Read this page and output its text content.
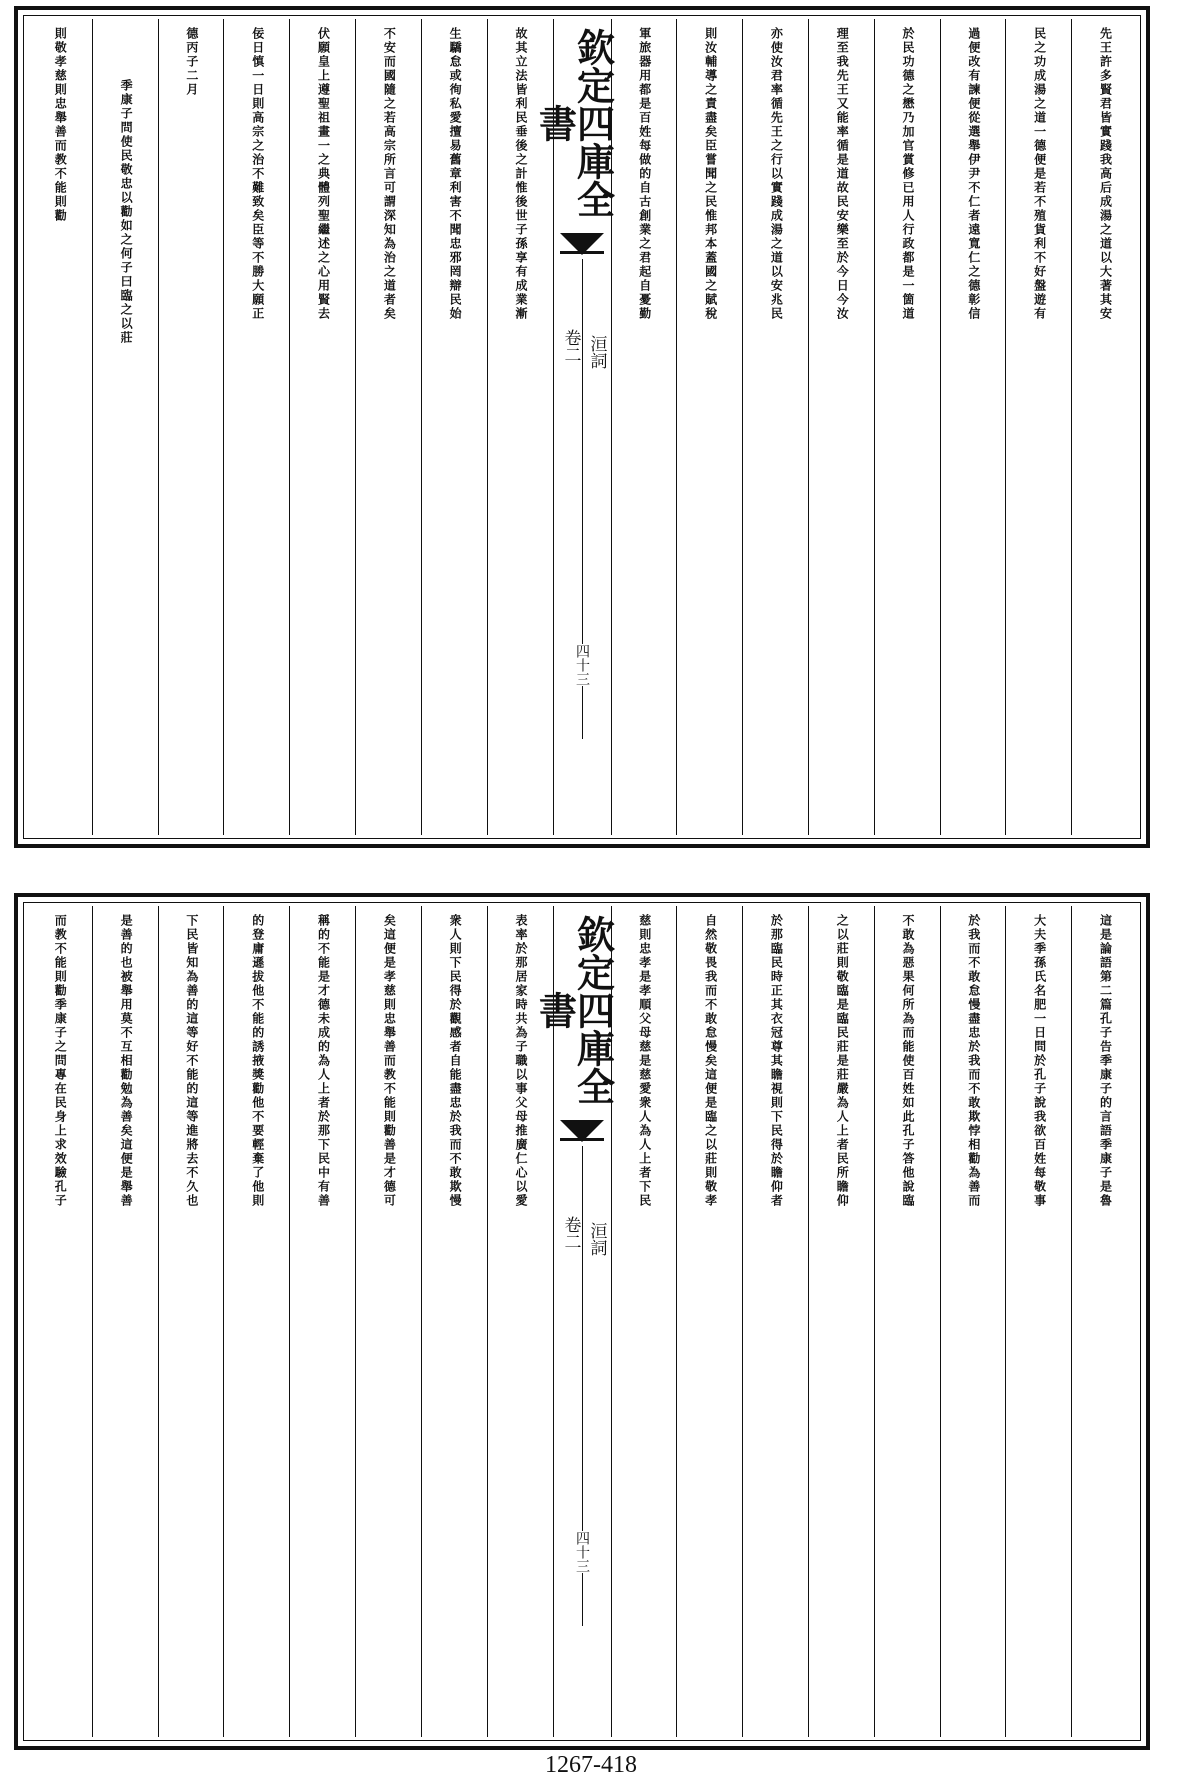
先王許多賢君皆實踐我高后成湯之道以大著其安
民之功成湯之道一德便是若不殖貨利不好盤遊有
過便改有諫便從選舉伊尹不仁者遠寬仁之德彰信
於民功德之懋乃加官賞修已用人行政都是一箇道
理至我先王又能率循是道故民安樂至於今日今汝
亦使汝君率循先王之行以實踐成湯之道以安兆民
則汝輔導之責盡矣臣嘗聞之民惟邦本蓋國之賦稅
軍旅器用都是百姓每做的自古創業之君起自憂勤
欽定四庫全書
洹詞
卷二
四十三
故其立法皆利民垂後之計惟後世子孫享有成業漸
生驕怠或徇私愛擅易舊章利害不聞忠邪罔辯民始
不安而國隨之若高宗所言可謂深知為治之道者矣
伏願皇上遵聖祖畫一之典體列聖繼述之心用賢去
佞日慎一日則高宗之治不難致矣臣等不勝大願正
德丙子二月
季康子問使民敬忠以勸如之何子曰臨之以莊
則敬孝慈則忠舉善而教不能則勸
這是論語第二篇孔子告季康子的言語季康子是魯
大夫季孫氏名肥一日問於孔子說我欲百姓每敬事
於我而不敢怠慢盡忠於我而不敢欺悖相勸為善而
不敢為惡果何所為而能使百姓如此孔子答他說臨
之以莊則敬臨是臨民莊是莊嚴為人上者民所瞻仰
於那臨民時正其衣冠尊其瞻視則下民得於瞻仰者
自然敬畏我而不敢怠慢矣這便是臨之以莊則敬孝
慈則忠孝是孝順父母慈是慈愛衆人為人上者下民
欽定四庫全書
洹詞
卷二
四十三
表率於那居家時共為子職以事父母推廣仁心以愛
衆人則下民得於觀感者自能盡忠於我而不敢欺慢
矣這便是孝慈則忠舉善而教不能則勸善是才德可
稱的不能是才德未成的為人上者於那下民中有善
的登庸遜拔他不能的誘掖獎勸他不要輕棄了他則
下民皆知為善的這等好不能的這等進將去不久也
是善的也被舉用莫不互相勸勉為善矣這便是舉善
而教不能則勸季康子之問專在民身上求效驗孔子
1267-418
